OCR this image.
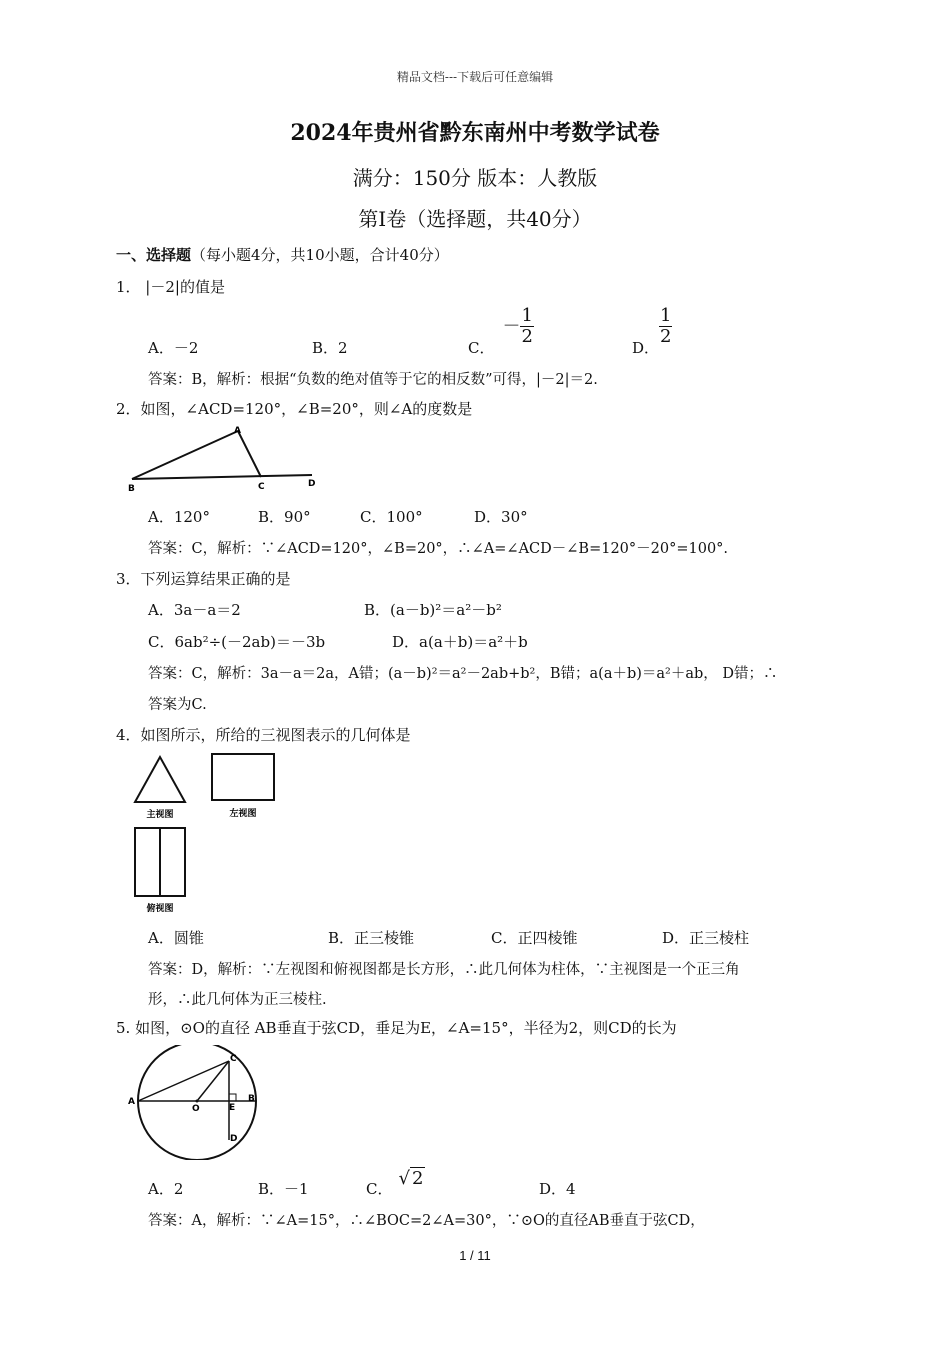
精品文档---下载后可任意编辑
2024年贵州省黔东南州中考数学试卷
满分：150分 版本：人教版
第I卷（选择题，共40分）
一、选择题（每小题4分，共10小题，合计40分）
1． |－2|的值是
A．－2	B．2	C．－ $\frac{1}{2}$
D．
$\frac{1}{2}$
答案：B，解析：根据“负数的绝对值等于它的相反数”可得，|－2|＝2.
2．如图，∠ACD=120°，∠B=20°，则∠A的度数是
A
B	C	D
A．120°	B．90°	C．100°	D．30°
答案：C，解析：∵∠ACD=120°，∠B=20°，∴∠A=∠ACD－∠B=120°－20°=100°.
3．下列运算结果正确的是
A．3a－a＝2	B．(a－b)²＝a²－b²
C．6ab²÷(－2ab)＝－3b	D．a(a＋b)＝a²＋b
答案：C，解析：3a－a＝2a，A错；(a－b)²＝a²－2ab+b²，B错；a(a＋b)＝a²＋ab， D错；∴
答案为C.
4．如图所示，所给的三视图表示的几何体是
主视图	左视图
俯视图
A．圆锥	B．正三棱锥	C．正四棱锥	D．正三棱柱
答案：D，解析：∵左视图和俯视图都是长方形，∴此几何体为柱体，∵主视图是一个正三角
形，∴此几何体为正三棱柱.
5. 如图，⊙O的直径 AB垂直于弦CD，垂足为E，∠A=15°，半径为2，则CD的长为
A	B
C
D
E
O
A．2	B．－1	C． √ 2	D．4
答案：A，解析：∵∠A=15°，∴∠BOC=2∠A=30°，∵⊙O的直径AB垂直于弦CD，
1 / 11
